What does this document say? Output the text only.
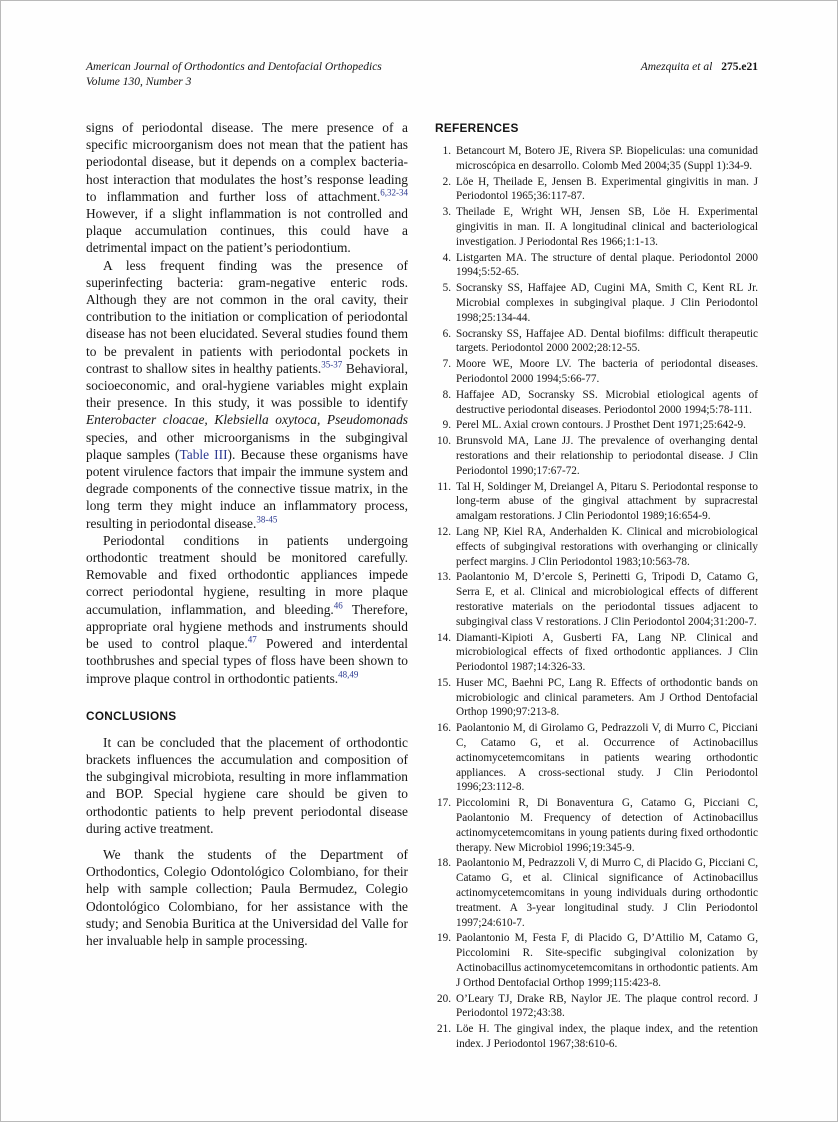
American Journal of Orthodontics and Dentofacial Orthopedics
Volume 130, Number 3
Amezquita et al 275.e21

signs of periodontal disease. The mere presence of a specific microorganism does not mean that the patient has periodontal disease, but it depends on a complex bacteria-host interaction that modulates the host’s response leading to inflammation and further loss of attachment.$^{6,32-34}$ However, if a slight inflammation is not controlled and plaque accumulation continues, this could have a detrimental impact on the patient’s periodontium.

A less frequent finding was the presence of superinfecting bacteria: gram-negative enteric rods. Although they are not common in the oral cavity, their contribution to the initiation or complication of periodontal disease has not been elucidated. Several studies found them to be prevalent in patients with periodontal pockets in contrast to shallow sites in healthy patients.$^{35-37}$ Behavioral, socioeconomic, and oral-hygiene variables might explain their presence. In this study, it was possible to identify Enterobacter cloacae, Klebsiella oxytoca, Pseudomonads species, and other microorganisms in the subgingival plaque samples (Table III). Because these organisms have potent virulence factors that impair the immune system and degrade components of the connective tissue matrix, in the long term they might induce an inflammatory process, resulting in periodontal disease.$^{38-45}$

Periodontal conditions in patients undergoing orthodontic treatment should be monitored carefully. Removable and fixed orthodontic appliances impede correct periodontal hygiene, resulting in more plaque accumulation, inflammation, and bleeding.$^{46}$ Therefore, appropriate oral hygiene methods and instruments should be used to control plaque.$^{47}$ Powered and interdental toothbrushes and special types of floss have been shown to improve plaque control in orthodontic patients.$^{48,49}$

CONCLUSIONS

It can be concluded that the placement of orthodontic brackets influences the accumulation and composition of the subgingival microbiota, resulting in more inflammation and BOP. Special hygiene care should be given to orthodontic patients to help prevent periodontal disease during active treatment.

We thank the students of the Department of Orthodontics, Colegio Odontológico Colombiano, for their help with sample collection; Paula Bermudez, Colegio Odontológico Colombiano, for her assistance with the study; and Senobia Buritica at the Universidad del Valle for her invaluable help in sample processing.

REFERENCES
1. Betancourt M, Botero JE, Rivera SP. Biopeliculas: una comunidad microscópica en desarrollo. Colomb Med 2004;35 (Suppl 1):34-9.
2. Löe H, Theilade E, Jensen B. Experimental gingivitis in man. J Periodontol 1965;36:117-87.
3. Theilade E, Wright WH, Jensen SB, Löe H. Experimental gingivitis in man. II. A longitudinal clinical and bacteriological investigation. J Periodontal Res 1966;1:1-13.
4. Listgarten MA. The structure of dental plaque. Periodontol 2000 1994;5:52-65.
5. Socransky SS, Haffajee AD, Cugini MA, Smith C, Kent RL Jr. Microbial complexes in subgingival plaque. J Clin Periodontol 1998;25:134-44.
6. Socransky SS, Haffajee AD. Dental biofilms: difficult therapeutic targets. Periodontol 2000 2002;28:12-55.
7. Moore WE, Moore LV. The bacteria of periodontal diseases. Periodontol 2000 1994;5:66-77.
8. Haffajee AD, Socransky SS. Microbial etiological agents of destructive periodontal diseases. Periodontol 2000 1994;5:78-111.
9. Perel ML. Axial crown contours. J Prosthet Dent 1971;25:642-9.
10. Brunsvold MA, Lane JJ. The prevalence of overhanging dental restorations and their relationship to periodontal disease. J Clin Periodontol 1990;17:67-72.
11. Tal H, Soldinger M, Dreiangel A, Pitaru S. Periodontal response to long-term abuse of the gingival attachment by supracrestal amalgam restorations. J Clin Periodontol 1989;16:654-9.
12. Lang NP, Kiel RA, Anderhalden K. Clinical and microbiological effects of subgingival restorations with overhanging or clinically perfect margins. J Clin Periodontol 1983;10:563-78.
13. Paolantonio M, D’ercole S, Perinetti G, Tripodi D, Catamo G, Serra E, et al. Clinical and microbiological effects of different restorative materials on the periodontal tissues adjacent to subgingival class V restorations. J Clin Periodontol 2004;31:200-7.
14. Diamanti-Kipioti A, Gusberti FA, Lang NP. Clinical and microbiological effects of fixed orthodontic appliances. J Clin Periodontol 1987;14:326-33.
15. Huser MC, Baehni PC, Lang R. Effects of orthodontic bands on microbiologic and clinical parameters. Am J Orthod Dentofacial Orthop 1990;97:213-8.
16. Paolantonio M, di Girolamo G, Pedrazzoli V, di Murro C, Picciani C, Catamo G, et al. Occurrence of Actinobacillus actinomycetemcomitans in patients wearing orthodontic appliances. A cross-sectional study. J Clin Periodontol 1996;23:112-8.
17. Piccolomini R, Di Bonaventura G, Catamo G, Picciani C, Paolantonio M. Frequency of detection of Actinobacillus actinomycetemcomitans in young patients during fixed orthodontic therapy. New Microbiol 1996;19:345-9.
18. Paolantonio M, Pedrazzoli V, di Murro C, di Placido G, Picciani C, Catamo G, et al. Clinical significance of Actinobacillus actinomycetemcomitans in young individuals during orthodontic treatment. A 3-year longitudinal study. J Clin Periodontol 1997;24:610-7.
19. Paolantonio M, Festa F, di Placido G, D’Attilio M, Catamo G, Piccolomini R. Site-specific subgingival colonization by Actinobacillus actinomycetemcomitans in orthodontic patients. Am J Orthod Dentofacial Orthop 1999;115:423-8.
20. O’Leary TJ, Drake RB, Naylor JE. The plaque control record. J Periodontol 1972;43:38.
21. Löe H. The gingival index, the plaque index, and the retention index. J Periodontol 1967;38:610-6.
